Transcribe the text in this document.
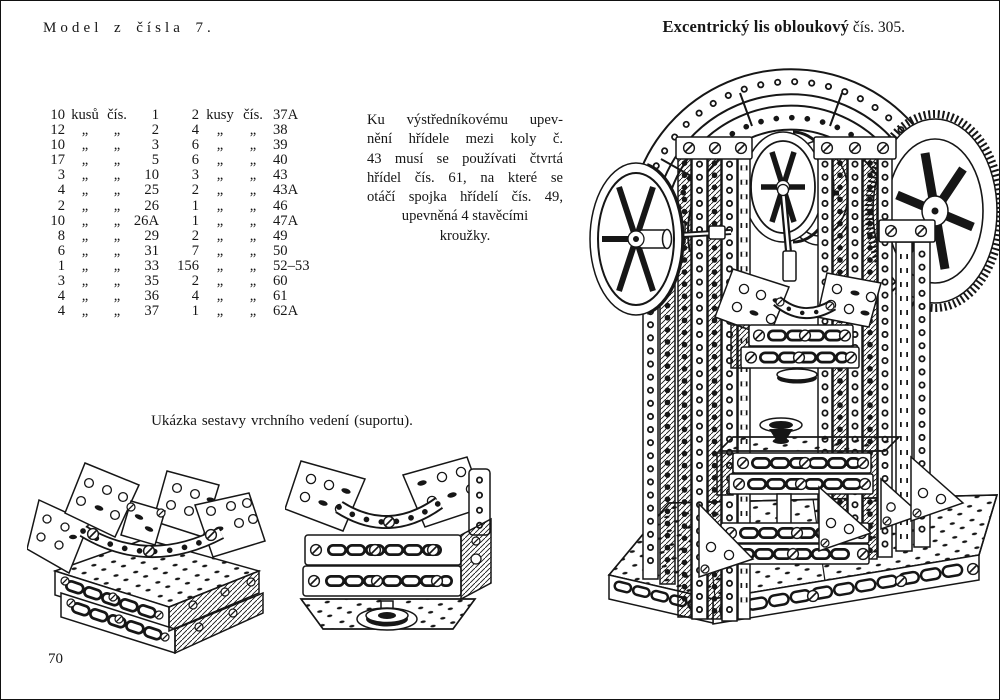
Model z čísla 7.	Excentrický lis obloukový čís. 305.
10 kusů čís.	1	2 kusy čís. 37A
12	„	„	2	4	„	„	38
10	„	„	3	6	„	„	39
17	„	„	5	6	„	„	40
3	„	„	10	3	„	„	43
4	„	„	25	2	„	„	43A
2	„	„	26	1	„	„	46
10	„	„ 26A	1	„	„	47A
8	„	„	29	2	„	„	49
6	„	„	31	7	„	„	50
1	„	„	33	156	„	„	52–53
3	„	„	35	2	„	„	60
4	„	„	36	4	„	„	61
4	„	„	37	1	„	„	62A
Ku výstředníkovému upev-
nění hřídele mezi koly č.
43 musí se používati čtvrtá
hřídel čís. 61, na které se
otáčí spojka hřídelí čís. 49,
upevněná 4 stavěcími
kroužky.
Ukázka sestavy vrchního vedení (suportu).
70
